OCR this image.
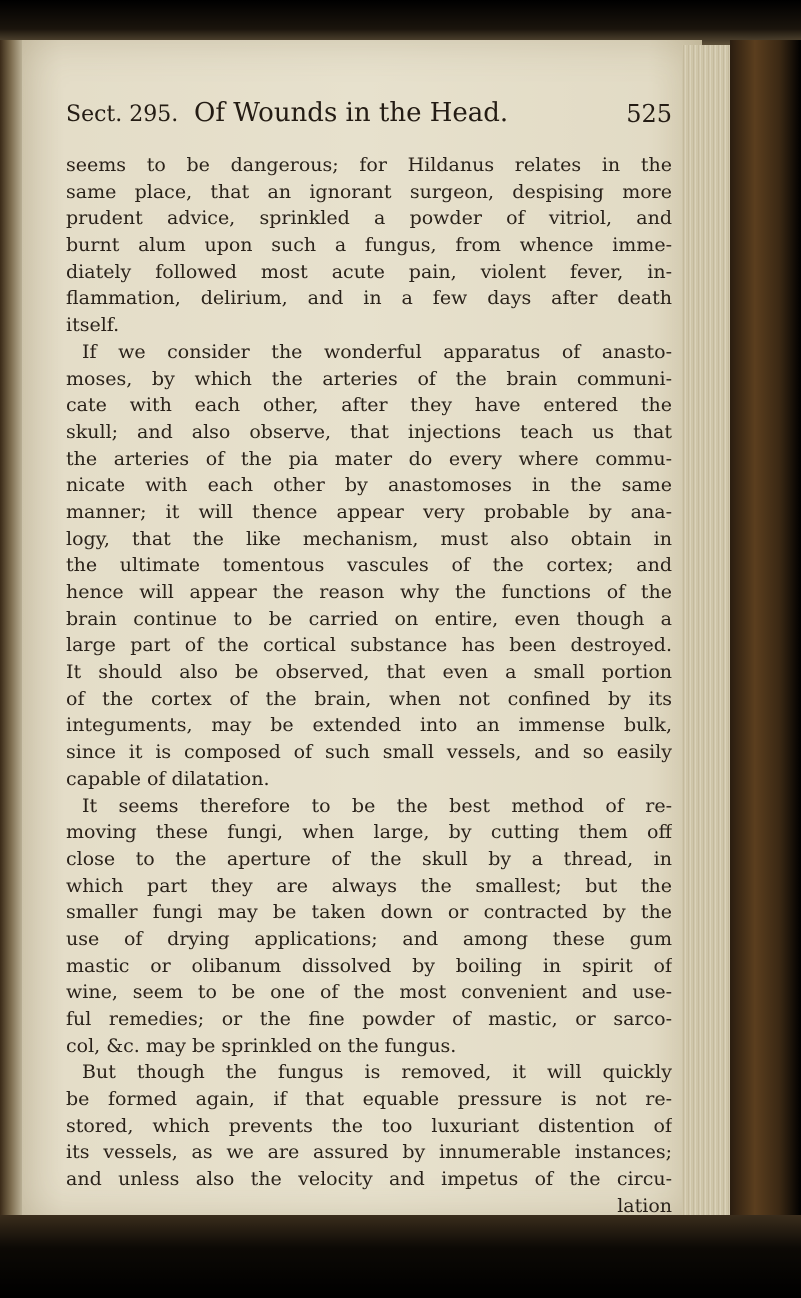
Sect. 295. Of Wounds in the Head.	525
seems to be dangerous; for Hildanus relates in the
same place, that an ignorant surgeon, despising more
prudent advice, sprinkled a powder of vitriol, and
burnt alum upon such a fungus, from whence imme-
diately followed most acute pain, violent fever, in-
flammation, delirium, and in a few days after death
itself.
If we consider the wonderful apparatus of anasto-
moses, by which the arteries of the brain communi-
cate with each other, after they have entered the
skull; and also observe, that injections teach us that
the arteries of the pia mater do every where commu-
nicate with each other by anastomoses in the same
manner; it will thence appear very probable by ana-
logy, that the like mechanism, must also obtain in
the ultimate tomentous vascules of the cortex; and
hence will appear the reason why the functions of the
brain continue to be carried on entire, even though a
large part of the cortical substance has been destroyed.
It should also be observed, that even a small portion
of the cortex of the brain, when not confined by its
integuments, may be extended into an immense bulk,
since it is composed of such small vessels, and so easily
capable of dilatation.
It seems therefore to be the best method of re-
moving these fungi, when large, by cutting them off
close to the aperture of the skull by a thread, in
which part they are always the smallest; but the
smaller fungi may be taken down or contracted by the
use of drying applications; and among these gum
mastic or olibanum dissolved by boiling in spirit of
wine, seem to be one of the most convenient and use-
ful remedies; or the fine powder of mastic, or sarco-
col, &c. may be sprinkled on the fungus.
But though the fungus is removed, it will quickly
be formed again, if that equable pressure is not re-
stored, which prevents the too luxuriant distention of
its vessels, as we are assured by innumerable instances;
and unless also the velocity and impetus of the circu-
lation
